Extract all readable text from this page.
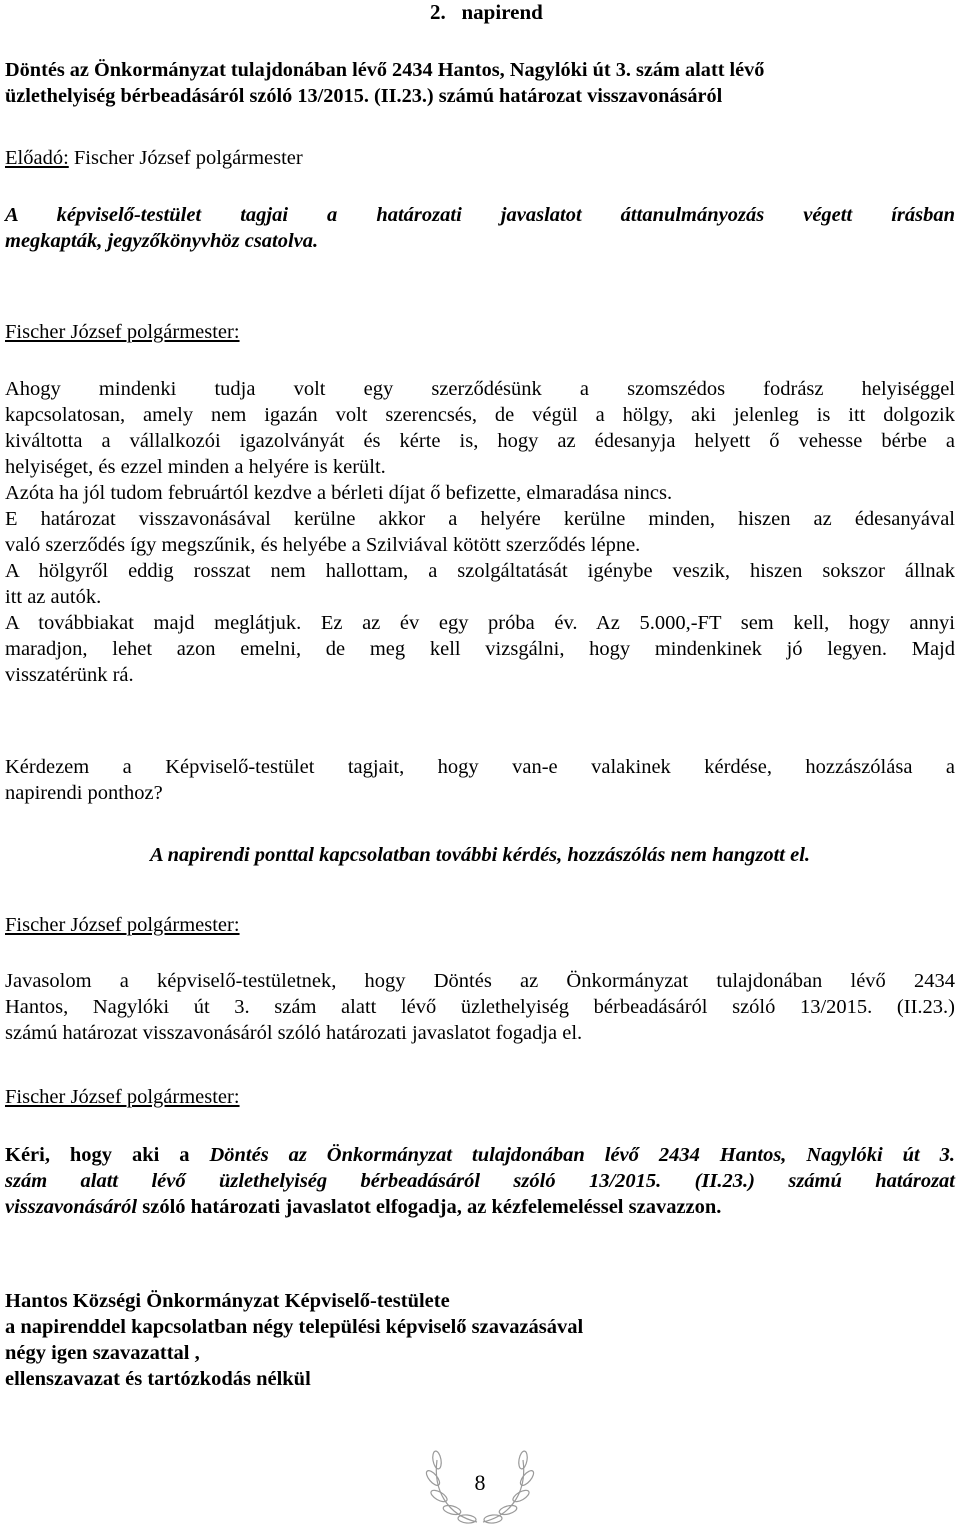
2. napirend
Döntés az Önkormányzat tulajdonában lévő 2434 Hantos, Nagylóki út 3. szám alatt lévő
üzlethelyiség bérbeadásáról szóló 13/2015. (II.23.) számú határozat visszavonásáról
Előadó: Fischer József polgármester
A képviselő-testület tagjai a határozati javaslatot áttanulmányozás végett írásban
megkapták, jegyzőkönyvhöz csatolva.
Fischer József polgármester:
Ahogy mindenki tudja volt egy szerződésünk a szomszédos fodrász helyiséggel
kapcsolatosan, amely nem igazán volt szerencsés, de végül a hölgy, aki jelenleg is itt dolgozik
kiváltotta a vállalkozói igazolványát és kérte is, hogy az édesanyja helyett ő vehesse bérbe a
helyiséget, és ezzel minden a helyére is került.
Azóta ha jól tudom februártól kezdve a bérleti díjat ő befizette, elmaradása nincs.
E határozat visszavonásával kerülne akkor a helyére kerülne minden, hiszen az édesanyával
való szerződés így megszűnik, és helyébe a Szilviával kötött szerződés lépne.
A hölgyről eddig rosszat nem hallottam, a szolgáltatását igénybe veszik, hiszen sokszor állnak
itt az autók.
A továbbiakat majd meglátjuk. Ez az év egy próba év. Az 5.000,-FT sem kell, hogy annyi
maradjon, lehet azon emelni, de meg kell vizsgálni, hogy mindenkinek jó legyen. Majd
visszatérünk rá.
Kérdezem a Képviselő-testület tagjait, hogy van-e valakinek kérdése, hozzászólása a
napirendi ponthoz?
A napirendi ponttal kapcsolatban további kérdés, hozzászólás nem hangzott el.
Fischer József polgármester:
Javasolom a képviselő-testületnek, hogy Döntés az Önkormányzat tulajdonában lévő 2434
Hantos, Nagylóki út 3. szám alatt lévő üzlethelyiség bérbeadásáról szóló 13/2015. (II.23.)
számú határozat visszavonásáról szóló határozati javaslatot fogadja el.
Fischer József polgármester:
Kéri, hogy aki a Döntés az Önkormányzat tulajdonában lévő 2434 Hantos, Nagylóki út 3.
szám alatt lévő üzlethelyiség bérbeadásáról szóló 13/2015. (II.23.) számú határozat
visszavonásáról szóló határozati javaslatot elfogadja, az kézfelemeléssel szavazzon.
Hantos Községi Önkormányzat Képviselő-testülete
a napirenddel kapcsolatban négy települési képviselő szavazásával
négy igen szavazattal ,
ellenszavazat és tartózkodás nélkül
8
